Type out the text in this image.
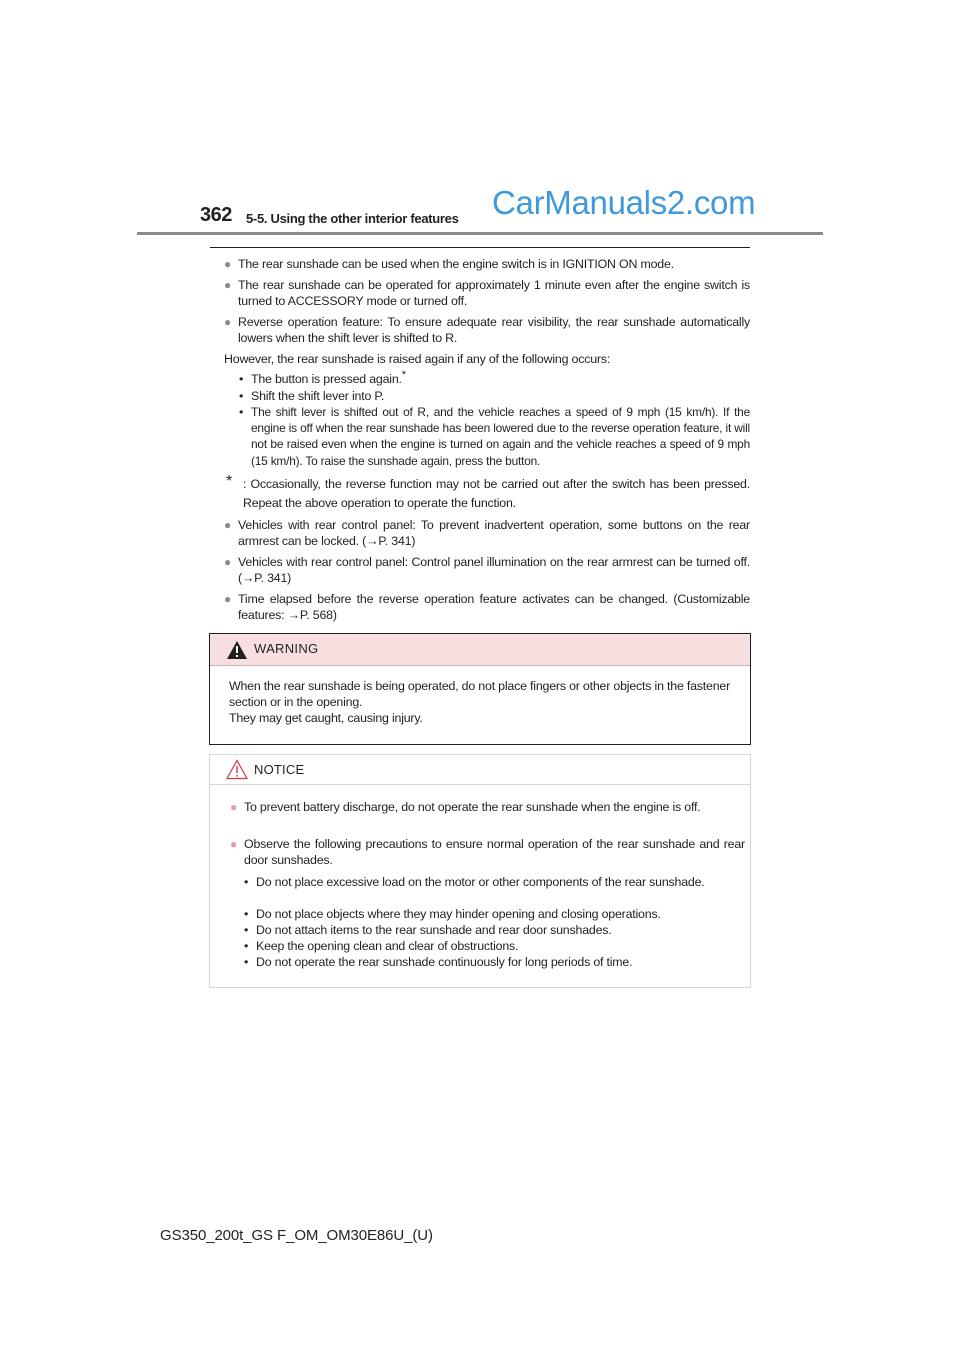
362 5-5. Using the other interior features CarManuals2.com
● The rear sunshade can be used when the engine switch is in IGNITION ON mode.
● The rear sunshade can be operated for approximately 1 minute even after the engine switch is turned to ACCESSORY mode or turned off.
● Reverse operation feature: To ensure adequate rear visibility, the rear sunshade automatically lowers when the shift lever is shifted to R.
However, the rear sunshade is raised again if any of the following occurs:
• The button is pressed again.*
• Shift the shift lever into P.
• The shift lever is shifted out of R, and the vehicle reaches a speed of 9 mph (15 km/h). If the engine is off when the rear sunshade has been lowered due to the reverse operation feature, it will not be raised even when the engine is turned on again and the vehicle reaches a speed of 9 mph (15 km/h). To raise the sunshade again, press the button.
* : Occasionally, the reverse function may not be carried out after the switch has been pressed. Repeat the above operation to operate the function.
● Vehicles with rear control panel: To prevent inadvertent operation, some buttons on the rear armrest can be locked. (→P. 341)
● Vehicles with rear control panel: Control panel illumination on the rear armrest can be turned off. (→P. 341)
● Time elapsed before the reverse operation feature activates can be changed. (Customizable features: →P. 568)
WARNING
When the rear sunshade is being operated, do not place fingers or other objects in the fastener section or in the opening.
They may get caught, causing injury.
NOTICE
● To prevent battery discharge, do not operate the rear sunshade when the engine is off.
● Observe the following precautions to ensure normal operation of the rear sunshade and rear door sunshades.
• Do not place excessive load on the motor or other components of the rear sunshade.
• Do not place objects where they may hinder opening and closing operations.
• Do not attach items to the rear sunshade and rear door sunshades.
• Keep the opening clean and clear of obstructions.
• Do not operate the rear sunshade continuously for long periods of time.
GS350_200t_GS F_OM_OM30E86U_(U)
